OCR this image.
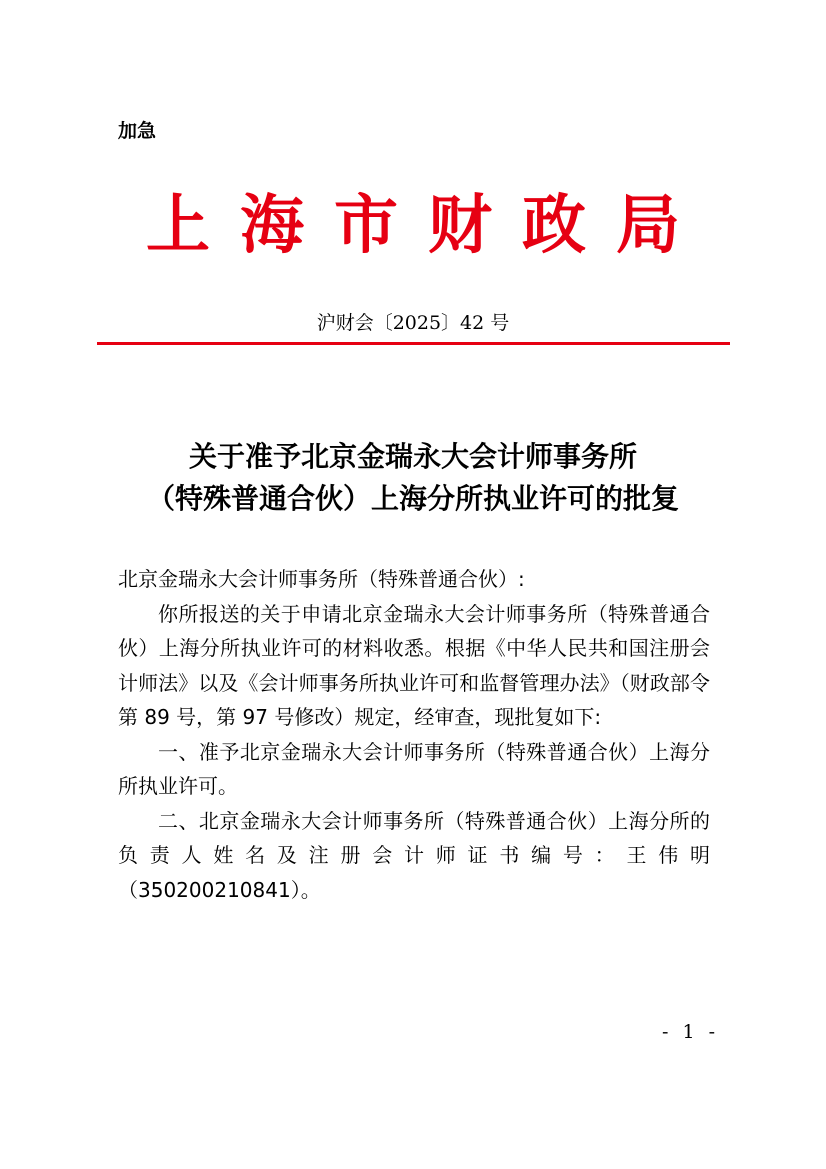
加急
上海市财政局
沪财会〔2025〕42 号
关于准予北京金瑞永大会计师事务所
（特殊普通合伙）上海分所执业许可的批复

北京金瑞永大会计师事务所（特殊普通合伙）:

你所报送的关于申请北京金瑞永大会计师事务所（特殊普通合伙）上海分所执业许可的材料收悉。根据《中华人民共和国注册会计师法》以及《会计师事务所执业许可和监督管理办法》（财政部令第 89 号，第 97 号修改）规定，经审查，现批复如下:

一、准予北京金瑞永大会计师事务所（特殊普通合伙）上海分所执业许可。

二、北京金瑞永大会计师事务所（特殊普通合伙）上海分所的负责人姓名及注册会计师证书编号：王伟明

（350200210841）。

- 1 -
